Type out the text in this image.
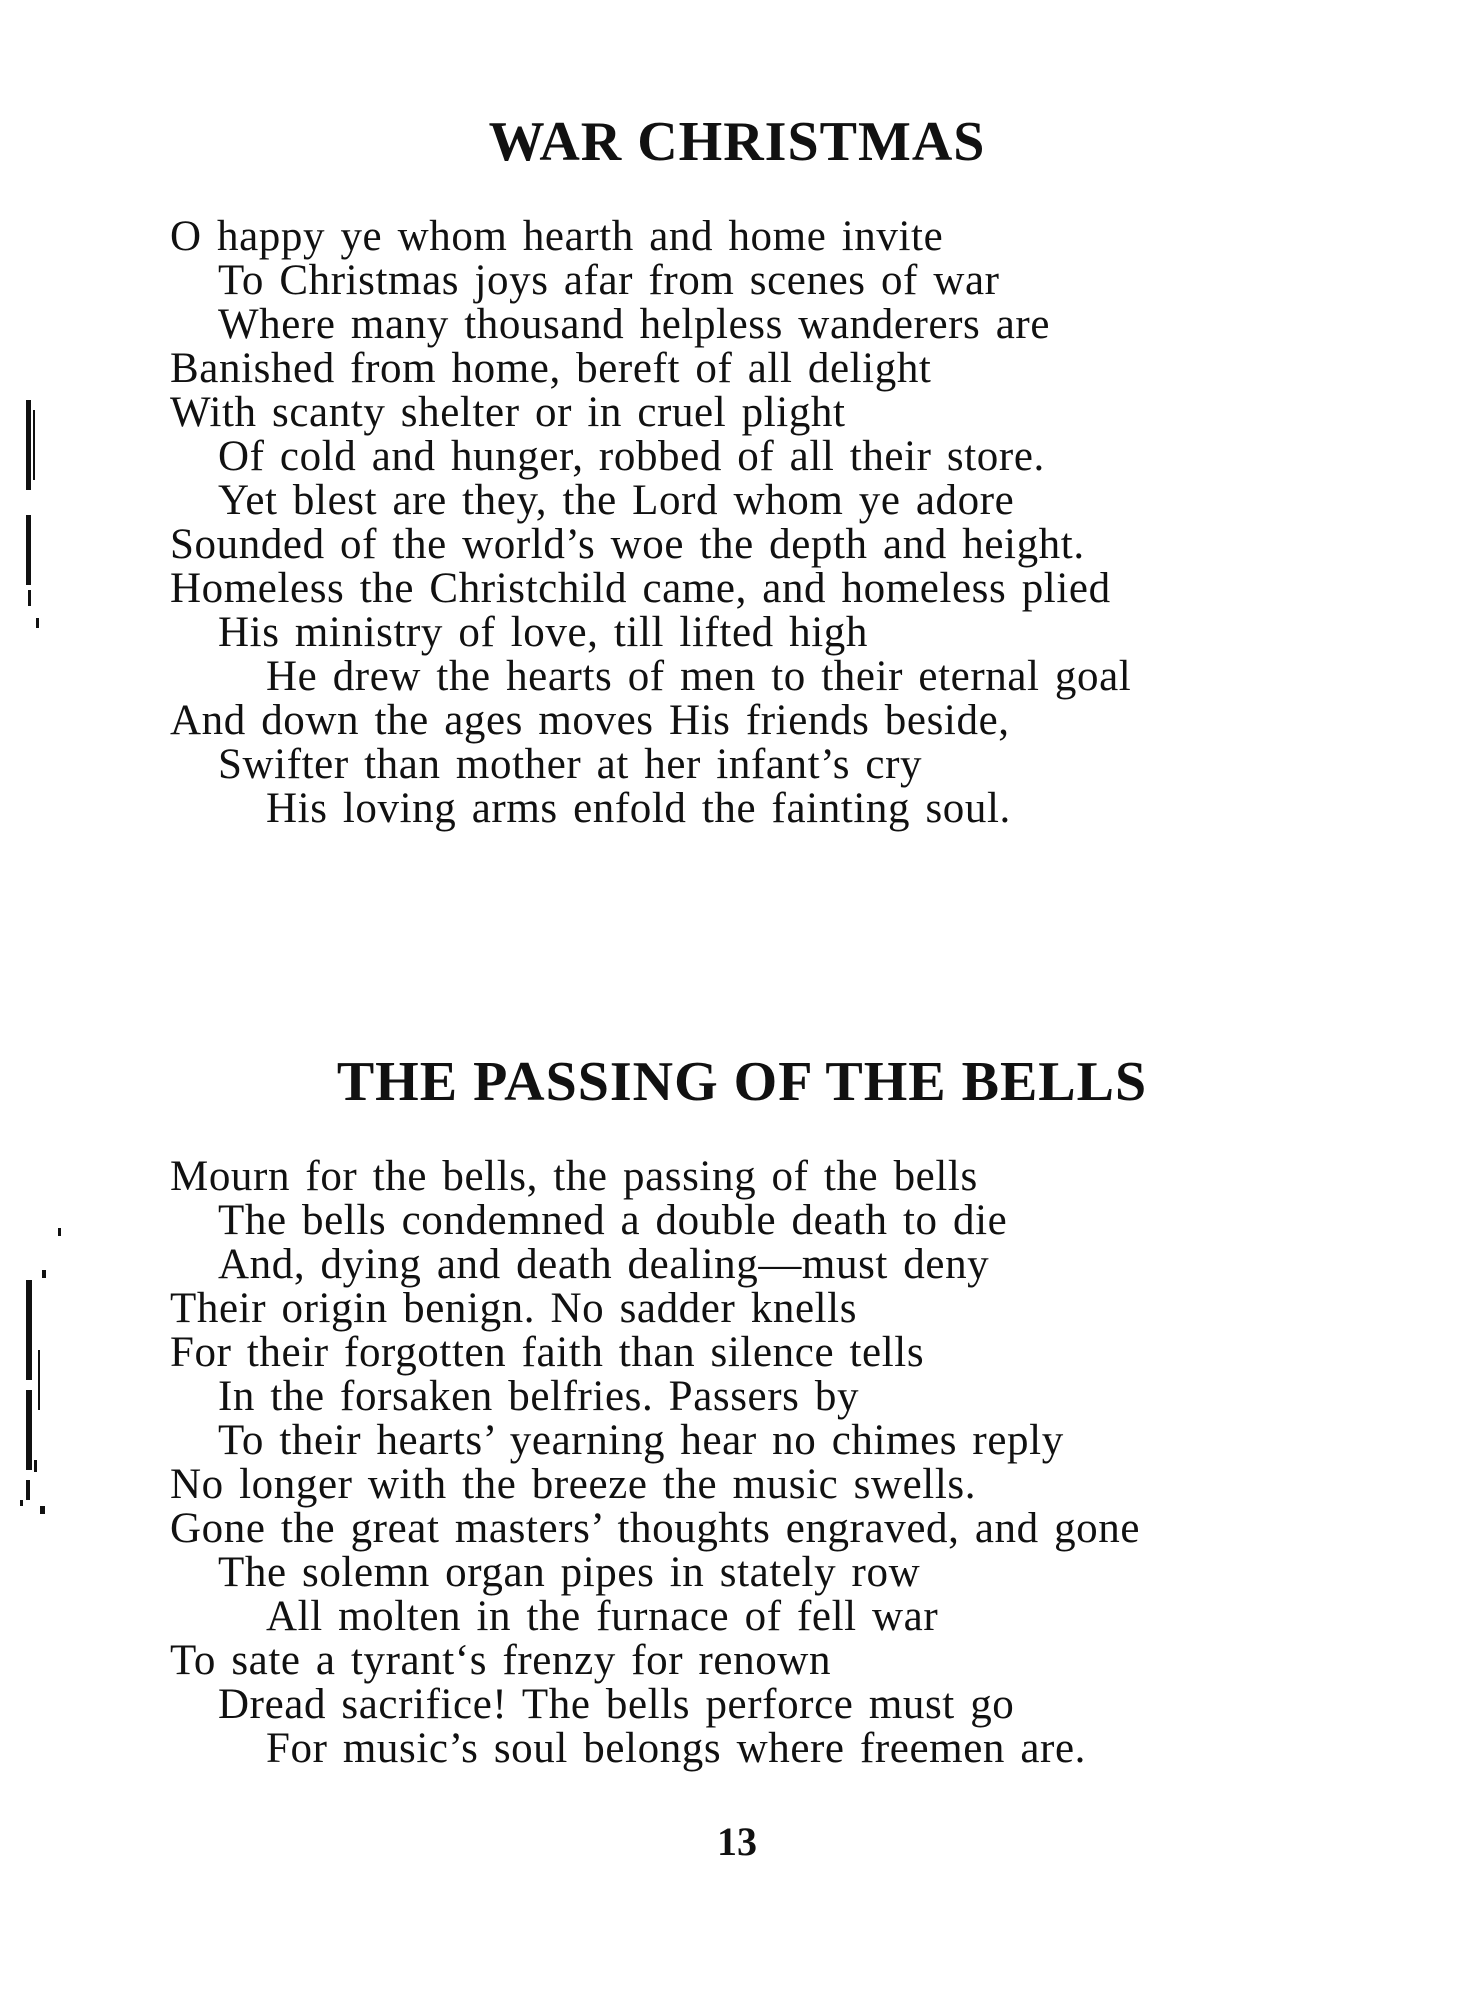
WAR CHRISTMAS
O happy ye whom hearth and home invite
To Christmas joys afar from scenes of war
Where many thousand helpless wanderers are
Banished from home, bereft of all delight
With scanty shelter or in cruel plight
Of cold and hunger, robbed of all their store.
Yet blest are they, the Lord whom ye adore
Sounded of the world’s woe the depth and height.
Homeless the Christchild came, and homeless plied
His ministry of love, till lifted high
He drew the hearts of men to their eternal goal
And down the ages moves His friends beside,
Swifter than mother at her infant’s cry
His loving arms enfold the fainting soul.
THE PASSING OF THE BELLS
Mourn for the bells, the passing of the bells
The bells condemned a double death to die
And, dying and death dealing—must deny
Their origin benign. No sadder knells
For their forgotten faith than silence tells
In the forsaken belfries. Passers by
To their hearts’ yearning hear no chimes reply
No longer with the breeze the music swells.
Gone the great masters’ thoughts engraved, and gone
The solemn organ pipes in stately row
All molten in the furnace of fell war
To sate a tyrant‘s frenzy for renown
Dread sacrifice! The bells perforce must go
For music’s soul belongs where freemen are.
13
